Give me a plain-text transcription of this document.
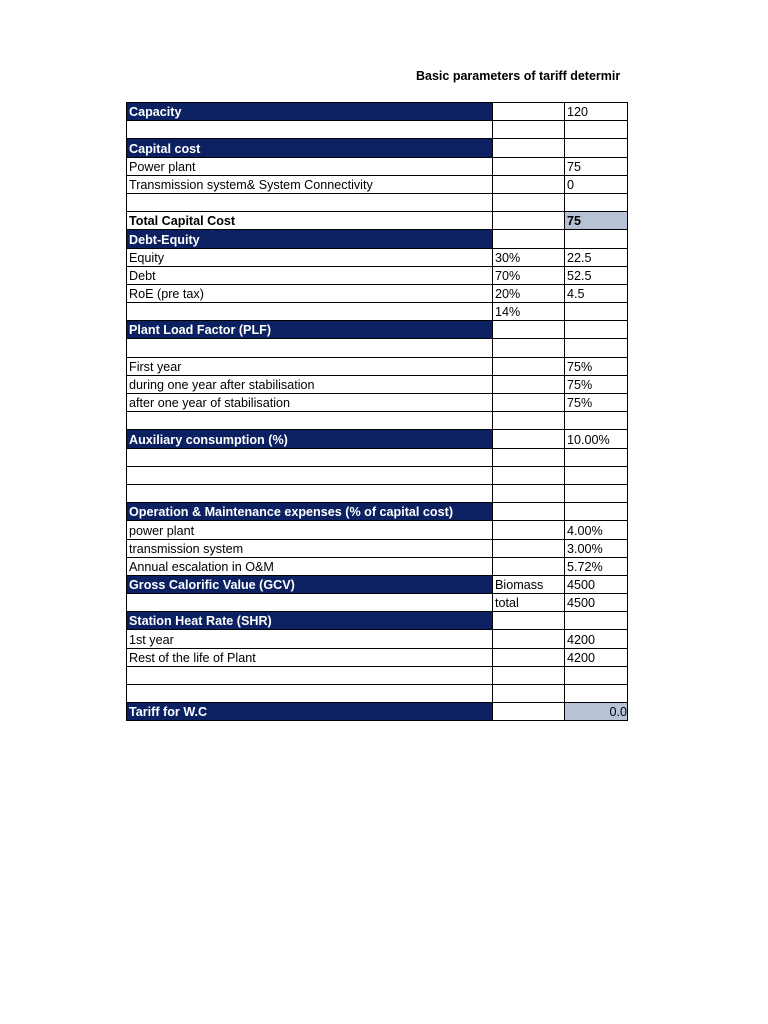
Basic parameters of tariff determir
Capacity		120

Capital cost		
Power plant		75
Transmission system& System Connectivity		0

Total Capital Cost		75
Debt-Equity		
Equity	30%	22.5
Debt	70%	52.5
RoE (pre tax)	20%	4.5
	14%	
Plant Load Factor (PLF)		

First year		75%
during one year after stabilisation		75%
after one year of stabilisation		75%

Auxiliary consumption (%)		10.00%

Operation & Maintenance expenses (% of capital cost)		
power plant		4.00%
transmission system		3.00%
Annual escalation in O&M		5.72%
Gross Calorific Value (GCV)	Biomass	4500
	total	4500
Station Heat Rate (SHR)		
1st year		4200
Rest of the life of Plant		4200

Tariff for W.C		0.0
